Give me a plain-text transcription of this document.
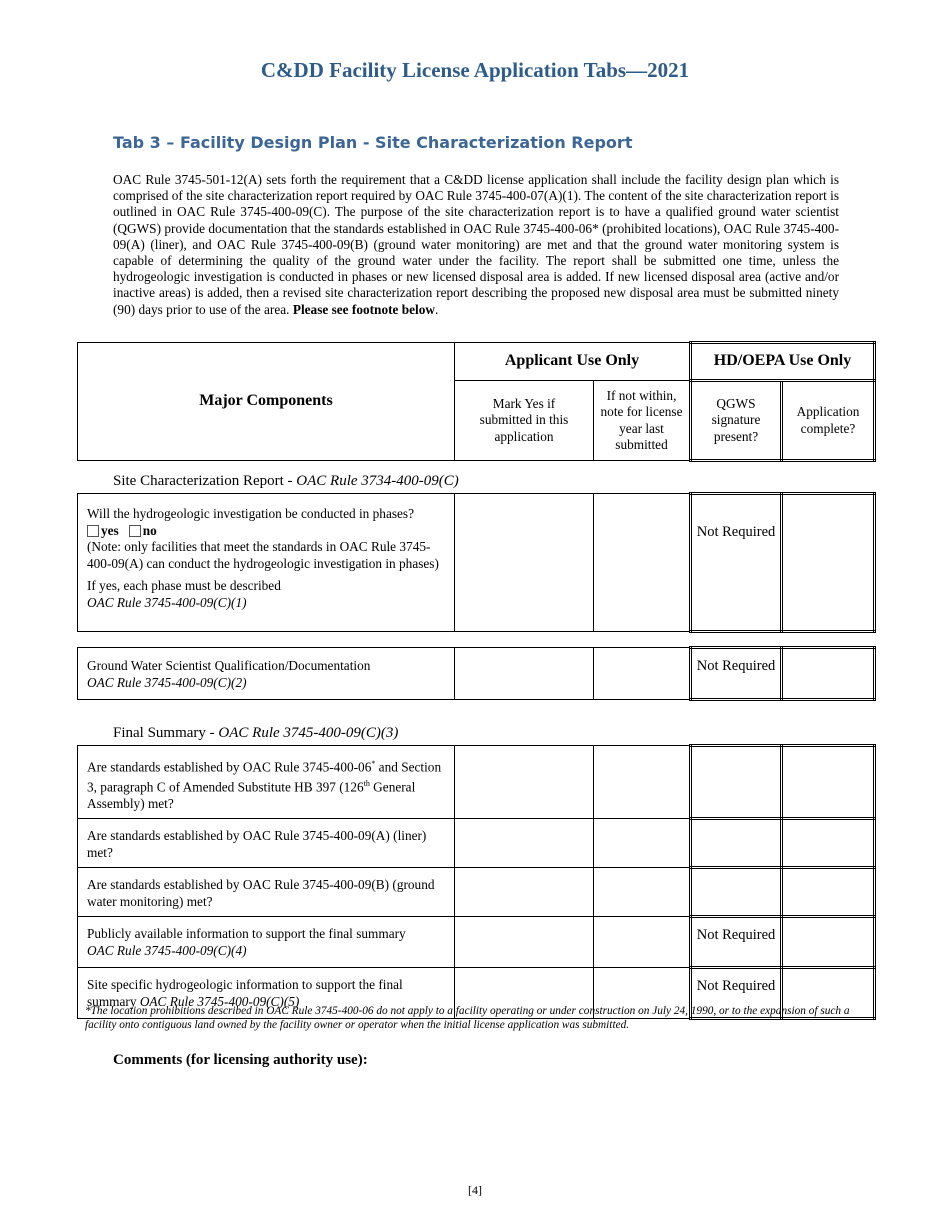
C&DD Facility License Application Tabs—2021
Tab 3 – Facility Design Plan - Site Characterization Report
OAC Rule 3745-501-12(A) sets forth the requirement that a C&DD license application shall include the facility design plan which is comprised of the site characterization report required by OAC Rule 3745-400-07(A)(1). The content of the site characterization report is outlined in OAC Rule 3745-400-09(C). The purpose of the site characterization report is to have a qualified ground water scientist (QGWS) provide documentation that the standards established in OAC Rule 3745-400-06* (prohibited locations), OAC Rule 3745-400-09(A) (liner), and OAC Rule 3745-400-09(B) (ground water monitoring) are met and that the ground water monitoring system is capable of determining the quality of the ground water under the facility. The report shall be submitted one time, unless the hydrogeologic investigation is conducted in phases or new licensed disposal area is added. If new licensed disposal area (active and/or inactive areas) is added, then a revised site characterization report describing the proposed new disposal area must be submitted ninety (90) days prior to use of the area. Please see footnote below.
Major Components	Applicant Use Only		HD/OEPA Use Only	
	Mark Yes if submitted in this application	If not within, note for license year last submitted	QGWS signature present?	Application complete?
Site Characterization Report - OAC Rule 3734-400-09(C)
Will the hydrogeologic investigation be conducted in phases?          yes no
(Note: only facilities that meet the standards in OAC Rule 3745-400-09(A) can conduct the hydrogeologic investigation in phases)
If yes, each phase must be described
OAC Rule 3745-400-09(C)(1)
			Not Required	
Ground Water Scientist Qualification/Documentation
OAC Rule 3745-400-09(C)(2)
			Not Required	
Final Summary - OAC Rule 3745-400-09(C)(3)
Are standards established by OAC Rule 3745-400-06* and Section 3, paragraph C of Amended Substitute HB 397 (126th General Assembly) met?				

Are standards established by OAC Rule 3745-400-09(A) (liner) met?				

Are standards established by OAC Rule 3745-400-09(B) (ground water monitoring) met?				

Publicly available information to support the final summary
OAC Rule 3745-400-09(C)(4)			Not Required	

Site specific hydrogeologic information to support the final summary OAC Rule 3745-400-09(C)(5)			Not Required	
*The location prohibitions described in OAC Rule 3745-400-06 do not apply to a facility operating or under construction on July 24, 1990, or to the expansion of such a facility onto contiguous land owned by the facility owner or operator when the initial license application was submitted.
Comments (for licensing authority use):
[4]
